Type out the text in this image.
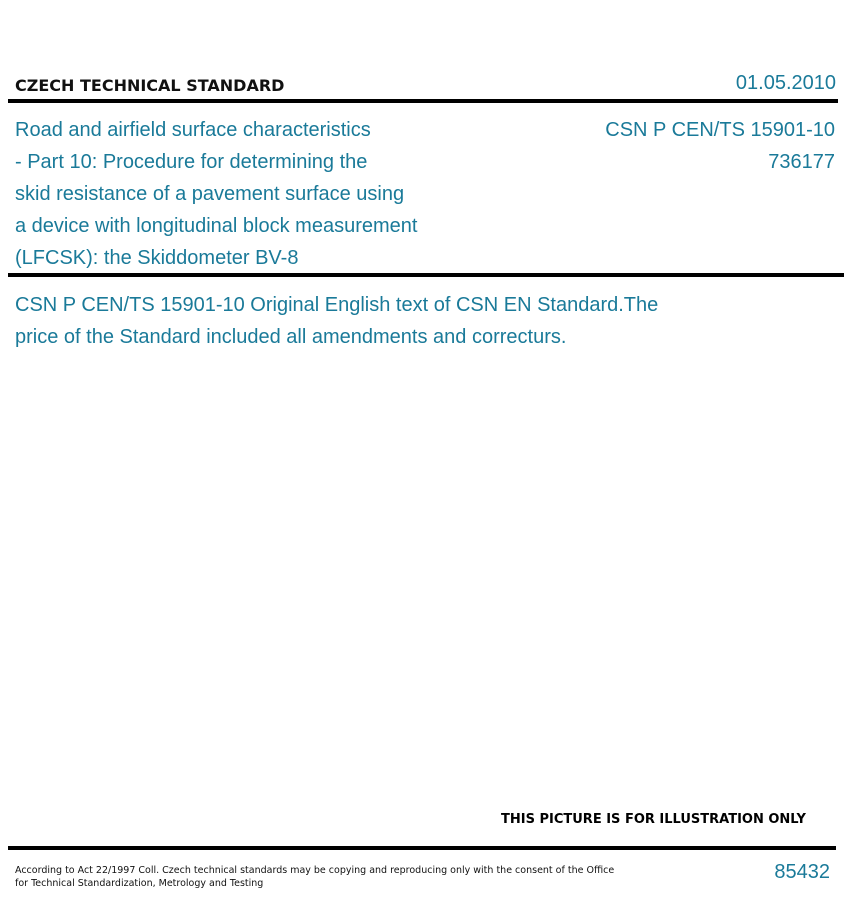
CZECH TECHNICAL STANDARD	01.05.2010
Road and airfield surface characteristics
- Part 10: Procedure for determining the
skid resistance of a pavement surface using
a device with longitudinal block measurement
(LFCSK): the Skiddometer BV-8
CSN P CEN/TS 15901-10
736177
CSN P CEN/TS 15901-10 Original English text of CSN EN Standard.The
price of the Standard included all amendments and correcturs.
THIS PICTURE IS FOR ILLUSTRATION ONLY
According to Act 22/1997 Coll. Czech technical standards may be copying and reproducing only with the consent of the Office
for Technical Standardization, Metrology and Testing
85432
